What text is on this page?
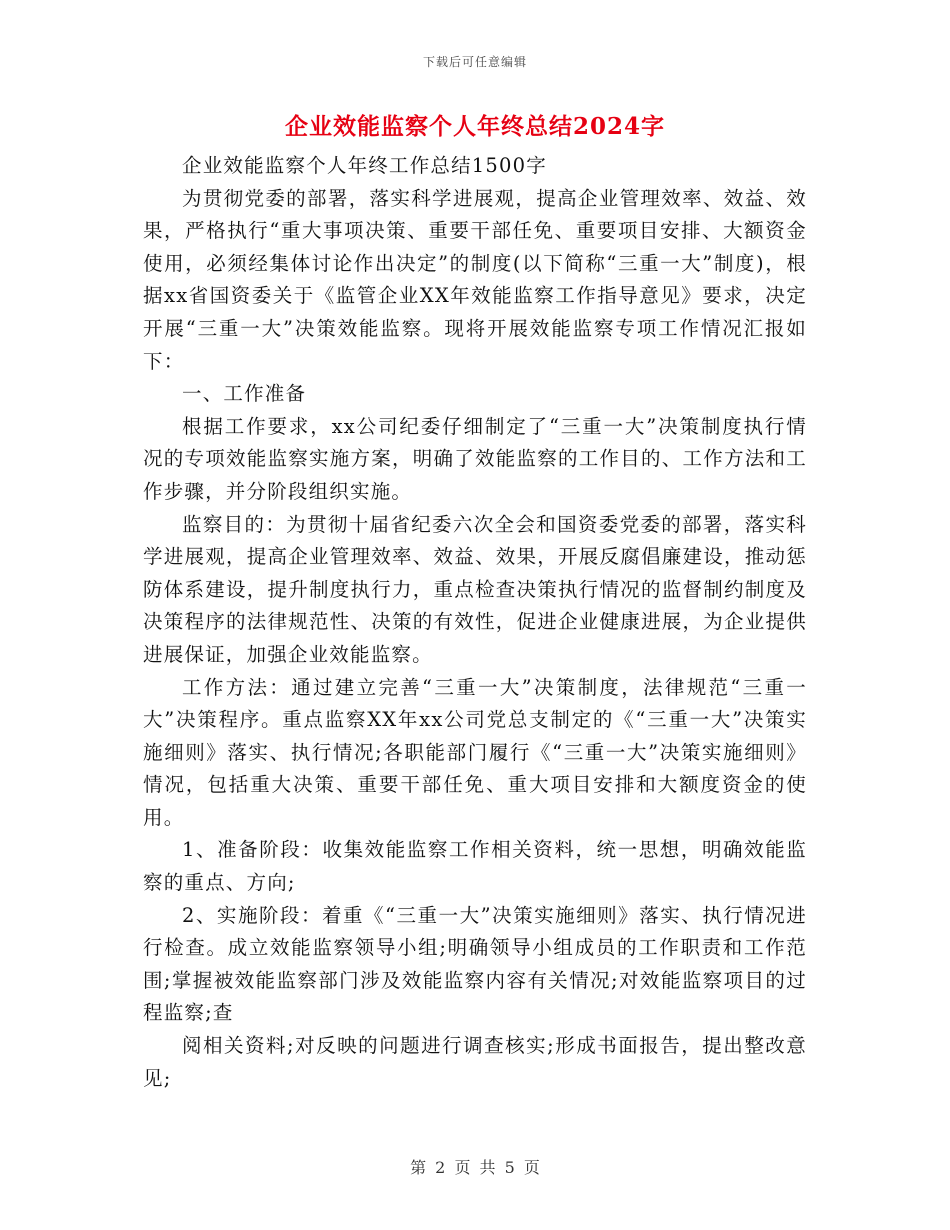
下载后可任意编辑
企业效能监察个人年终总结2024字

企业效能监察个人年终工作总结1500字

为贯彻党委的部署，落实科学进展观，提高企业管理效率、效益、效果，严格执行“重大事项决策、重要干部任免、重要项目安排、大额资金使用，必须经集体讨论作出决定”的制度(以下简称“三重一大”制度)，根据xx省国资委关于《监管企业XX年效能监察工作指导意见》要求，决定开展“三重一大”决策效能监察。现将开展效能监察专项工作情况汇报如下：

一、工作准备

根据工作要求，xx公司纪委仔细制定了“三重一大”决策制度执行情况的专项效能监察实施方案，明确了效能监察的工作目的、工作方法和工作步骤，并分阶段组织实施。

监察目的：为贯彻十届省纪委六次全会和国资委党委的部署，落实科学进展观，提高企业管理效率、效益、效果，开展反腐倡廉建设，推动惩防体系建设，提升制度执行力，重点检查决策执行情况的监督制约制度及决策程序的法律规范性、决策的有效性，促进企业健康进展，为企业提供进展保证，加强企业效能监察。

工作方法：通过建立完善“三重一大”决策制度，法律规范“三重一大”决策程序。重点监察XX年xx公司党总支制定的《“三重一大”决策实施细则》落实、执行情况;各职能部门履行《“三重一大”决策实施细则》情况，包括重大决策、重要干部任免、重大项目安排和大额度资金的使用。

1、准备阶段：收集效能监察工作相关资料，统一思想，明确效能监察的重点、方向;

2、实施阶段：着重《“三重一大”决策实施细则》落实、执行情况进行检查。成立效能监察领导小组;明确领导小组成员的工作职责和工作范围;掌握被效能监察部门涉及效能监察内容有关情况;对效能监察项目的过程监察;查

阅相关资料;对反映的问题进行调查核实;形成书面报告，提出整改意见;

第 2 页 共 5 页
